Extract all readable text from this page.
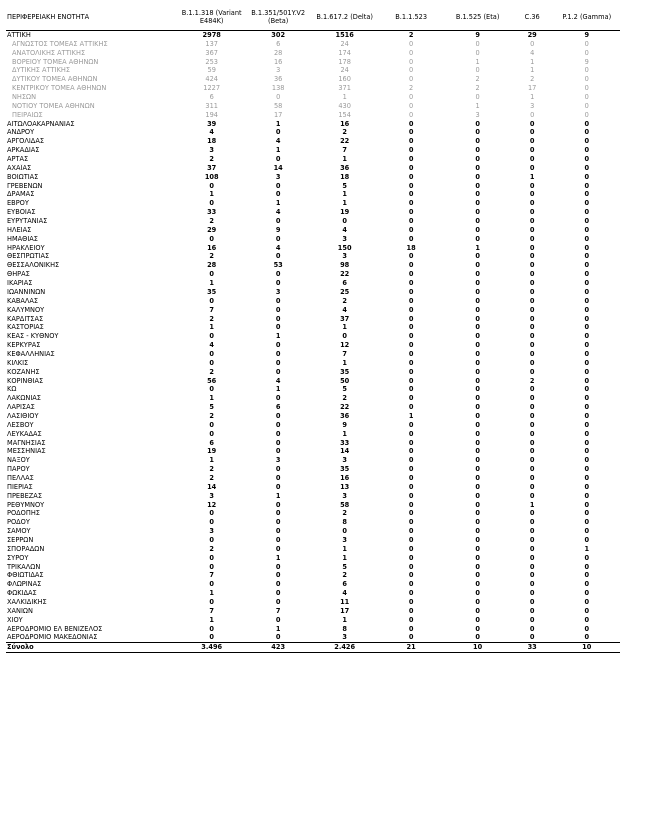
ΠΕΡΙΦΕΡΕΙΑΚΗ ΕΝΟΤΗΤΑ	B.1.1.318 (Variant E484K)	B.1.351/501Y.V2 (Beta)	B.1.617.2 (Delta)	B.1.1.523	B.1.525 (Eta)	C.36	P.1.2 (Gamma)
ΑΤΤΙΚΗ	2978	302	1516	2	9	29	9
ΑΓΝΩΣΤΟΣ ΤΟΜΕΑΣ ΑΤΤΙΚΗΣ	137	6	24	0	0	0	0
ΑΝΑΤΟΛΙΚΗΣ ΑΤΤΙΚΗΣ	367	28	174	0	0	4	0
ΒΟΡΕΙΟΥ ΤΟΜΕΑ ΑΘΗΝΩΝ	253	16	178	0	1	1	9
ΔΥΤΙΚΗΣ ΑΤΤΙΚΗΣ	59	3	24	0	0	1	0
ΔΥΤΙΚΟΥ ΤΟΜΕΑ ΑΘΗΝΩΝ	424	36	160	0	2	2	0
ΚΕΝΤΡΙΚΟΥ ΤΟΜΕΑ ΑΘΗΝΩΝ	1227	138	371	2	2	17	0
ΝΗΣΩΝ	6	0	1	0	0	1	0
ΝΟΤΙΟΥ ΤΟΜΕΑ ΑΘΗΝΩΝ	311	58	430	0	1	3	0
ΠΕΙΡΑΙΩΣ	194	17	154	0	3	0	0
ΑΙΤΩΛΟΑΚΑΡΝΑΝΙΑΣ	39	1	16	0	0	0	0
ΑΝΔΡΟΥ	4	0	2	0	0	0	0
ΑΡΓΟΛΙΔΑΣ	18	4	22	0	0	0	0
ΑΡΚΑΔΙΑΣ	3	1	7	0	0	0	0
ΑΡΤΑΣ	2	0	1	0	0	0	0
ΑΧΑΪΑΣ	37	14	36	0	0	0	0
ΒΟΙΩΤΙΑΣ	108	3	18	0	0	1	0
ΓΡΕΒΕΝΩΝ	0	0	5	0	0	0	0
ΔΡΑΜΑΣ	1	0	1	0	0	0	0
ΕΒΡΟΥ	0	1	1	0	0	0	0
ΕΥΒΟΙΑΣ	33	4	19	0	0	0	0
ΕΥΡΥΤΑΝΙΑΣ	2	0	0	0	0	0	0
ΗΛΕΙΑΣ	29	9	4	0	0	0	0
ΗΜΑΘΙΑΣ	0	0	3	0	0	0	0
ΗΡΑΚΛΕΙΟΥ	16	4	150	18	1	0	0
ΘΕΣΠΡΩΤΙΑΣ	2	0	3	0	0	0	0
ΘΕΣΣΑΛΟΝΙΚΗΣ	28	53	98	0	0	0	0
ΘΗΡΑΣ	0	0	22	0	0	0	0
ΙΚΑΡΙΑΣ	1	0	6	0	0	0	0
ΙΩΑΝΝΙΝΩΝ	35	3	25	0	0	0	0
ΚΑΒΑΛΑΣ	0	0	2	0	0	0	0
ΚΑΛΥΜΝΟΥ	7	0	4	0	0	0	0
ΚΑΡΔΙΤΣΑΣ	2	0	37	0	0	0	0
ΚΑΣΤΟΡΙΑΣ	1	0	1	0	0	0	0
ΚΕΑΣ - ΚΥΘΝΟΥ	0	1	0	0	0	0	0
ΚΕΡΚΥΡΑΣ	4	0	12	0	0	0	0
ΚΕΦΑΛΛΗΝΙΑΣ	0	0	7	0	0	0	0
ΚΙΛΚΙΣ	0	0	1	0	0	0	0
ΚΟΖΑΝΗΣ	2	0	35	0	0	0	0
ΚΟΡΙΝΘΙΑΣ	56	4	50	0	0	2	0
ΚΩ	0	1	5	0	0	0	0
ΛΑΚΩΝΙΑΣ	1	0	2	0	0	0	0
ΛΑΡΙΣΑΣ	5	6	22	0	0	0	0
ΛΑΣΙΘΙΟΥ	2	0	36	1	0	0	0
ΛΕΣΒΟΥ	0	0	9	0	0	0	0
ΛΕΥΚΑΔΑΣ	0	0	1	0	0	0	0
ΜΑΓΝΗΣΙΑΣ	6	0	33	0	0	0	0
ΜΕΣΣΗΝΙΑΣ	19	0	14	0	0	0	0
ΝΑΞΟΥ	1	3	3	0	0	0	0
ΠΑΡΟΥ	2	0	35	0	0	0	0
ΠΕΛΛΑΣ	2	0	16	0	0	0	0
ΠΙΕΡΙΑΣ	14	0	13	0	0	0	0
ΠΡΕΒΕΖΑΣ	3	1	3	0	0	0	0
ΡΕΘΥΜΝΟΥ	12	0	58	0	0	1	0
ΡΟΔΟΠΗΣ	0	0	2	0	0	0	0
ΡΟΔΟΥ	0	0	8	0	0	0	0
ΣΑΜΟΥ	3	0	0	0	0	0	0
ΣΕΡΡΩΝ	0	0	3	0	0	0	0
ΣΠΟΡΑΔΩΝ	2	0	1	0	0	0	1
ΣΥΡΟΥ	0	1	1	0	0	0	0
ΤΡΙΚΑΛΩΝ	0	0	5	0	0	0	0
ΦΘΙΩΤΙΔΑΣ	7	0	2	0	0	0	0
ΦΛΩΡΙΝΑΣ	0	0	6	0	0	0	0
ΦΩΚΙΔΑΣ	1	0	4	0	0	0	0
ΧΑΛΚΙΔΙΚΗΣ	0	0	11	0	0	0	0
ΧΑΝΙΩΝ	7	7	17	0	0	0	0
ΧΙΟΥ	1	0	1	0	0	0	0
ΑΕΡΟΔΡΟΜΙΟ ΕΛ ΒΕΝΙΖΕΛΟΣ	0	1	8	0	0	0	0
ΑΕΡΟΔΡΟΜΙΟ ΜΑΚΕΔΟΝΙΑΣ	0	0	3	0	0	0	0
Σύνολο	3.496	423	2.426	21	10	33	10
